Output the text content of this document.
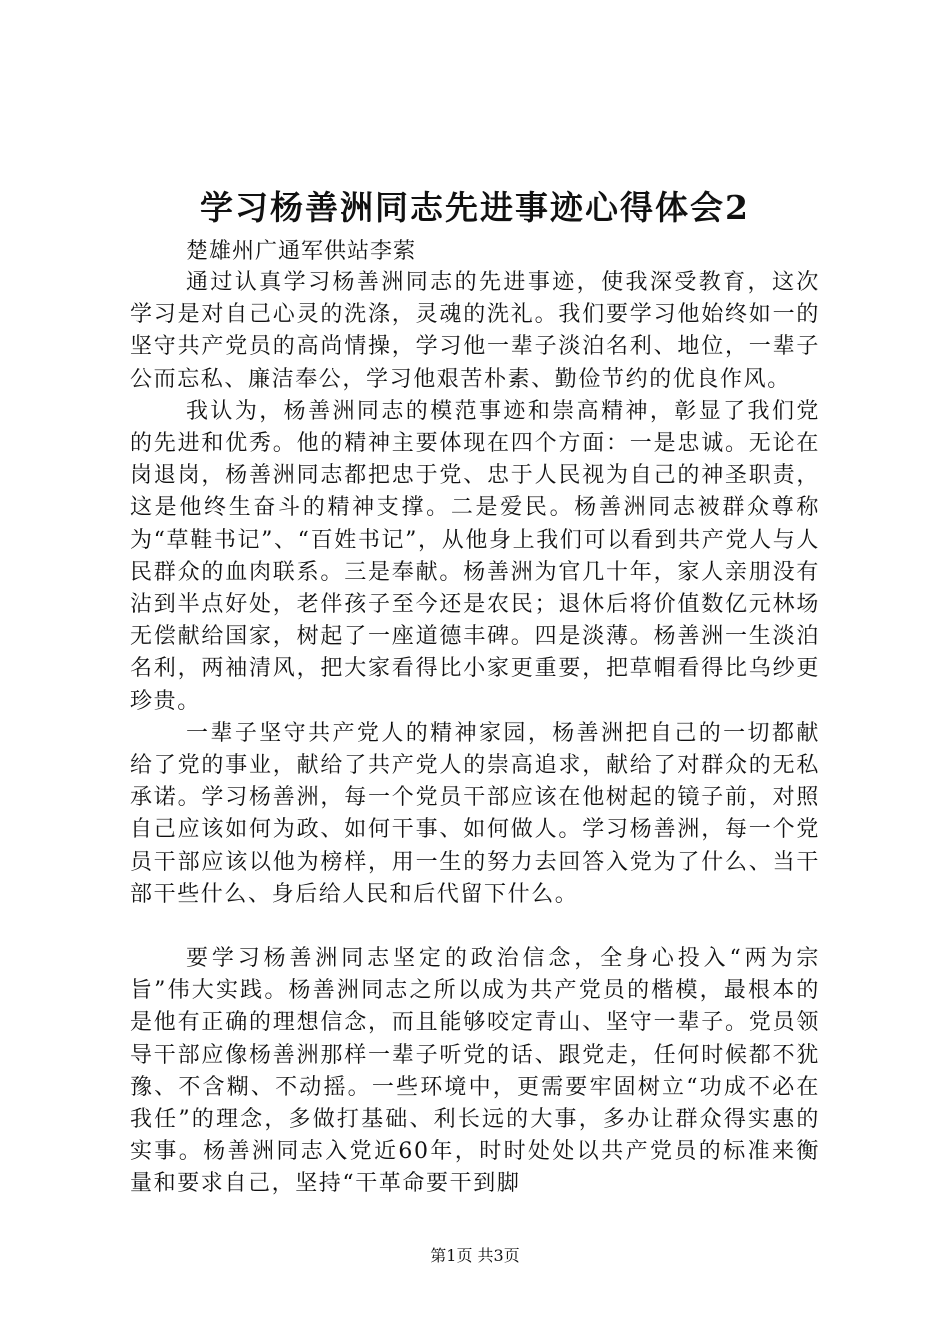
学习杨善洲同志先进事迹心得体会2

楚雄州广通军供站李萦

通过认真学习杨善洲同志的先进事迹，使我深受教育，这次学习是对自己心灵的洗涤，灵魂的洗礼。我们要学习他始终如一的坚守共产党员的高尚情操，学习他一辈子淡泊名利、地位，一辈子公而忘私、廉洁奉公，学习他艰苦朴素、勤俭节约的优良作风。

我认为，杨善洲同志的模范事迹和崇高精神，彰显了我们党的先进和优秀。他的精神主要体现在四个方面：一是忠诚。无论在岗退岗，杨善洲同志都把忠于党、忠于人民视为自己的神圣职责，这是他终生奋斗的精神支撑。二是爱民。杨善洲同志被群众尊称为“草鞋书记”、“百姓书记”，从他身上我们可以看到共产党人与人民群众的血肉联系。三是奉献。杨善洲为官几十年，家人亲朋没有沾到半点好处，老伴孩子至今还是农民；退休后将价值数亿元林场无偿献给国家，树起了一座道德丰碑。四是淡薄。杨善洲一生淡泊名利，两袖清风，把大家看得比小家更重要，把草帽看得比乌纱更珍贵。

一辈子坚守共产党人的精神家园，杨善洲把自己的一切都献给了党的事业，献给了共产党人的崇高追求，献给了对群众的无私承诺。学习杨善洲，每一个党员干部应该在他树起的镜子前，对照自己应该如何为政、如何干事、如何做人。学习杨善洲，每一个党员干部应该以他为榜样，用一生的努力去回答入党为了什么、当干部干些什么、身后给人民和后代留下什么。

要学习杨善洲同志坚定的政治信念，全身心投入“两为宗旨”伟大实践。杨善洲同志之所以成为共产党员的楷模，最根本的是他有正确的理想信念，而且能够咬定青山、坚守一辈子。党员领导干部应像杨善洲那样一辈子听党的话、跟党走，任何时候都不犹豫、不含糊、不动摇。一些环境中，更需要牢固树立“功成不必在我任”的理念，多做打基础、利长远的大事，多办让群众得实惠的实事。杨善洲同志入党近60年，时时处处以共产党员的标准来衡量和要求自己，坚持“干革命要干到脚

第1页 共3页
